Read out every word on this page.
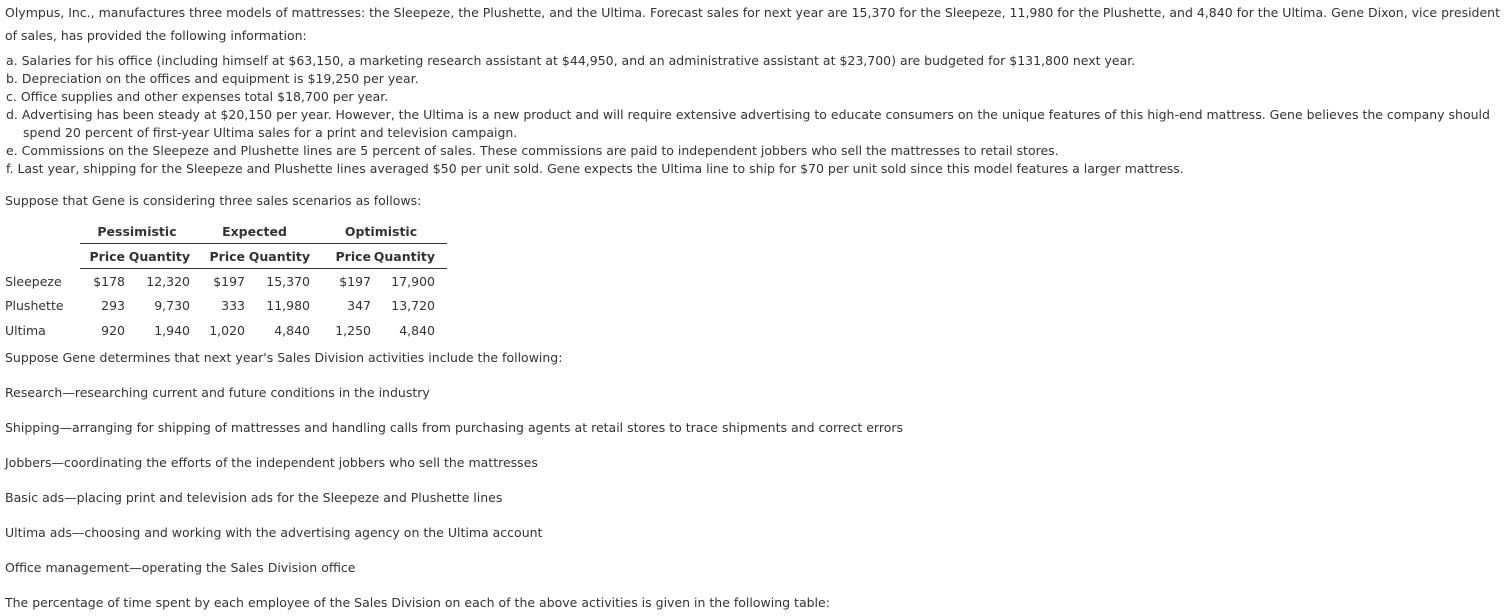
Olympus, Inc., manufactures three models of mattresses: the Sleepeze, the Plushette, and the Ultima. Forecast sales for next year are 15,370 for the Sleepeze, 11,980 for the Plushette, and 4,840 for the Ultima. Gene Dixon, vice president of sales, has provided the following information:

a. Salaries for his office (including himself at $63,150, a marketing research assistant at $44,950, and an administrative assistant at $23,700) are budgeted for $131,800 next year.
b. Depreciation on the offices and equipment is $19,250 per year.
c. Office supplies and other expenses total $18,700 per year.
d. Advertising has been steady at $20,150 per year. However, the Ultima is a new product and will require extensive advertising to educate consumers on the unique features of this high-end mattress. Gene believes the company should spend 20 percent of first-year Ultima sales for a print and television campaign.
e. Commissions on the Sleepeze and Plushette lines are 5 percent of sales. These commissions are paid to independent jobbers who sell the mattresses to retail stores.
f. Last year, shipping for the Sleepeze and Plushette lines averaged $50 per unit sold. Gene expects the Ultima line to ship for $70 per unit sold since this model features a larger mattress.

Suppose that Gene is considering three sales scenarios as follows:

	Pessimistic		Expected		Optimistic	
	Price	Quantity	Price	Quantity	Price	Quantity
Sleepeze	$178	12,320	$197	15,370	$197	17,900
Plushette	293	9,730	333	11,980	347	13,720
Ultima	920	1,940	1,020	4,840	1,250	4,840

Suppose Gene determines that next year's Sales Division activities include the following:

Research—researching current and future conditions in the industry

Shipping—arranging for shipping of mattresses and handling calls from purchasing agents at retail stores to trace shipments and correct errors

Jobbers—coordinating the efforts of the independent jobbers who sell the mattresses

Basic ads—placing print and television ads for the Sleepeze and Plushette lines

Ultima ads—choosing and working with the advertising agency on the Ultima account

Office management—operating the Sales Division office

The percentage of time spent by each employee of the Sales Division on each of the above activities is given in the following table:
